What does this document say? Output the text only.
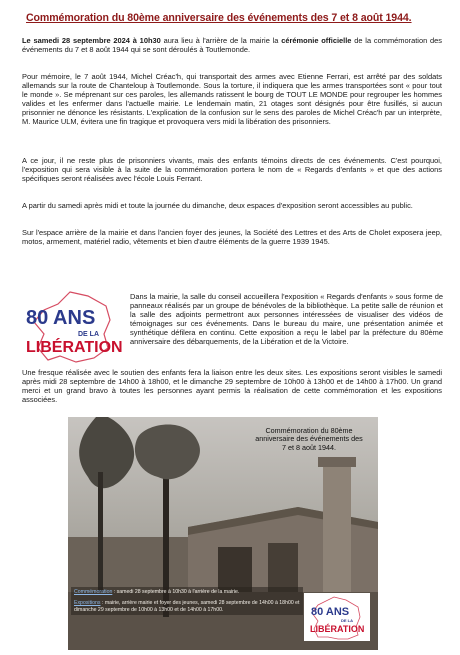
Commémoration du 80ème anniversaire des événements des 7 et 8 août 1944.

Le samedi 28 septembre 2024 à 10h30 aura lieu à l'arrière de la mairie la cérémonie officielle de la commémoration des événements du 7 et 8 août 1944 qui se sont déroulés à Toutlemonde.

Pour mémoire, le 7 août 1944, Michel Créac'h, qui transportait des armes avec Etienne Ferrari, est arrêté par des soldats allemands sur la route de Chanteloup à Toutlemonde. Sous la torture, il indiquera que les armes transportées sont « pour tout le monde ». Se méprenant sur ces paroles, les allemands ratissent le bourg de TOUT LE MONDE pour regrouper les hommes valides et les enfermer dans l'actuelle mairie. Le lendemain matin, 21 otages sont désignés pour être fusillés, si aucun prisonnier ne dénonce les résistants. L'explication de la confusion sur le sens des paroles de Michel Créac'h par un interprète, M. Maurice ULM, évitera une fin tragique et provoquera vers midi la libération des prisonniers.

A ce jour, il ne reste plus de prisonniers vivants, mais des enfants témoins directs de ces événements. C'est pourquoi, l'exposition qui sera visible à la suite de la commémoration portera le nom de « Regards d'enfants » et que des actions spécifiques seront réalisées avec l'école Louis Ferrant.

A partir du samedi après midi et toute la journée du dimanche, deux espaces d'exposition seront accessibles au public.

Sur l'espace arrière de la mairie et dans l'ancien foyer des jeunes, la Société des Lettres et des Arts de Cholet exposera jeep, motos, armement, matériel radio, vêtements et bien d'autre éléments de la guerre 1939 1945.

80 ANS
DE LA
LIBÉRATION

Dans la mairie, la salle du conseil accueillera l'exposition « Regards d'enfants » sous forme de panneaux réalisés par un groupe de bénévoles de la bibliothèque. La petite salle de réunion et la salle des adjoints permettront aux personnes intéressées de visualiser des vidéos de témoignages sur ces événements. Dans le bureau du maire, une présentation animée et synthétique défilera en continu. Cette exposition a reçu le label par la préfecture du 80ème anniversaire des débarquements, de la Libération et de la Victoire.

Une fresque réalisée avec le soutien des enfants fera la liaison entre les deux sites. Les expositions seront visibles le samedi après midi 28 septembre de 14h00 à 18h00, et le dimanche 29 septembre de 10h00 à 13h00 et de 14h00 à 17h00. Un grand merci et un grand bravo à toutes les personnes ayant permis la réalisation de cette commémoration et les expositions associées.

Commémoration du 80ème anniversaire des événements des 7 et 8 août 1944.
Commémoration : samedi 28 septembre à 10h30 à l'arrière de la mairie.
Expositions : mairie, arrière mairie et foyer des jeunes, samedi 28 septembre de 14h00 à 18h00 et dimanche 29 septembre de 10h00 à 13h00 et de 14h00 à 17h00.	80 ANS
DE LA
LIBÉRATION
